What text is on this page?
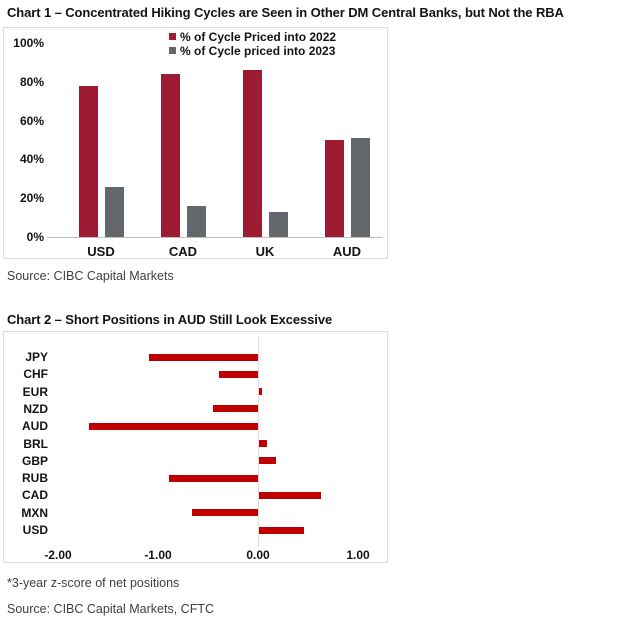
Chart 1 – Concentrated Hiking Cycles are Seen in Other DM Central Banks, but Not the RBA
% of Cycle Priced into 2022
% of Cycle priced into 2023
100%
80%
60%
40%
20%
0%
USD	CAD	UK	AUD
Source: CIBC Capital Markets
Chart 2 – Short Positions in AUD Still Look Excessive
JPY
CHF
EUR
NZD
AUD
BRL
GBP
RUB
CAD
MXN
USD
-2.00	-1.00	0.00	1.00
*3-year z-score of net positions
Source: CIBC Capital Markets, CFTC
